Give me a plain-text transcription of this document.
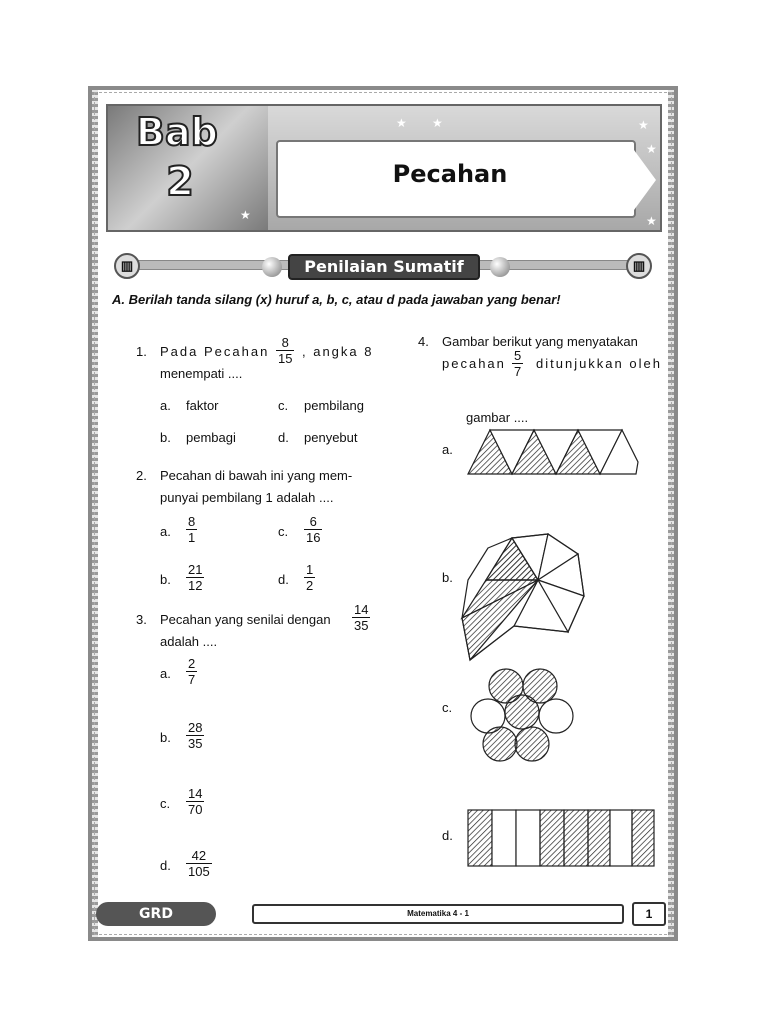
Bab
2	Pecahan
★ ★	★
★
★	★
▥	▥
Penilaian Sumatif
A. Berilah tanda silang (x) huruf a, b, c, atau d pada jawaban yang benar!
1. Pada Pecahan $\frac{8}{15}$ , angka 8
menempati ....
a. faktor	c. pembilang
b. pembagi	d. penyebut
2. Pecahan di bawah ini yang mem-
punyai pembilang 1 adalah ....
a. $\frac{8}{1}$	c. $\frac{6}{16}$
b. $\frac{21}{12}$	d. $\frac{1}{2}$
3. Pecahan yang senilai dengan $\frac{14}{35}$
adalah ....
a. $\frac{2}{7}$
b. $\frac{28}{35}$
c. $\frac{14}{70}$
d. $\frac{42}{105}$
4. Gambar berikut yang menyatakan
pecahan $\frac{5}{7}$ ditunjukkan oleh
gambar ....
a.
b.
c.
d.
GRD	Matematika 4 - 1	1
